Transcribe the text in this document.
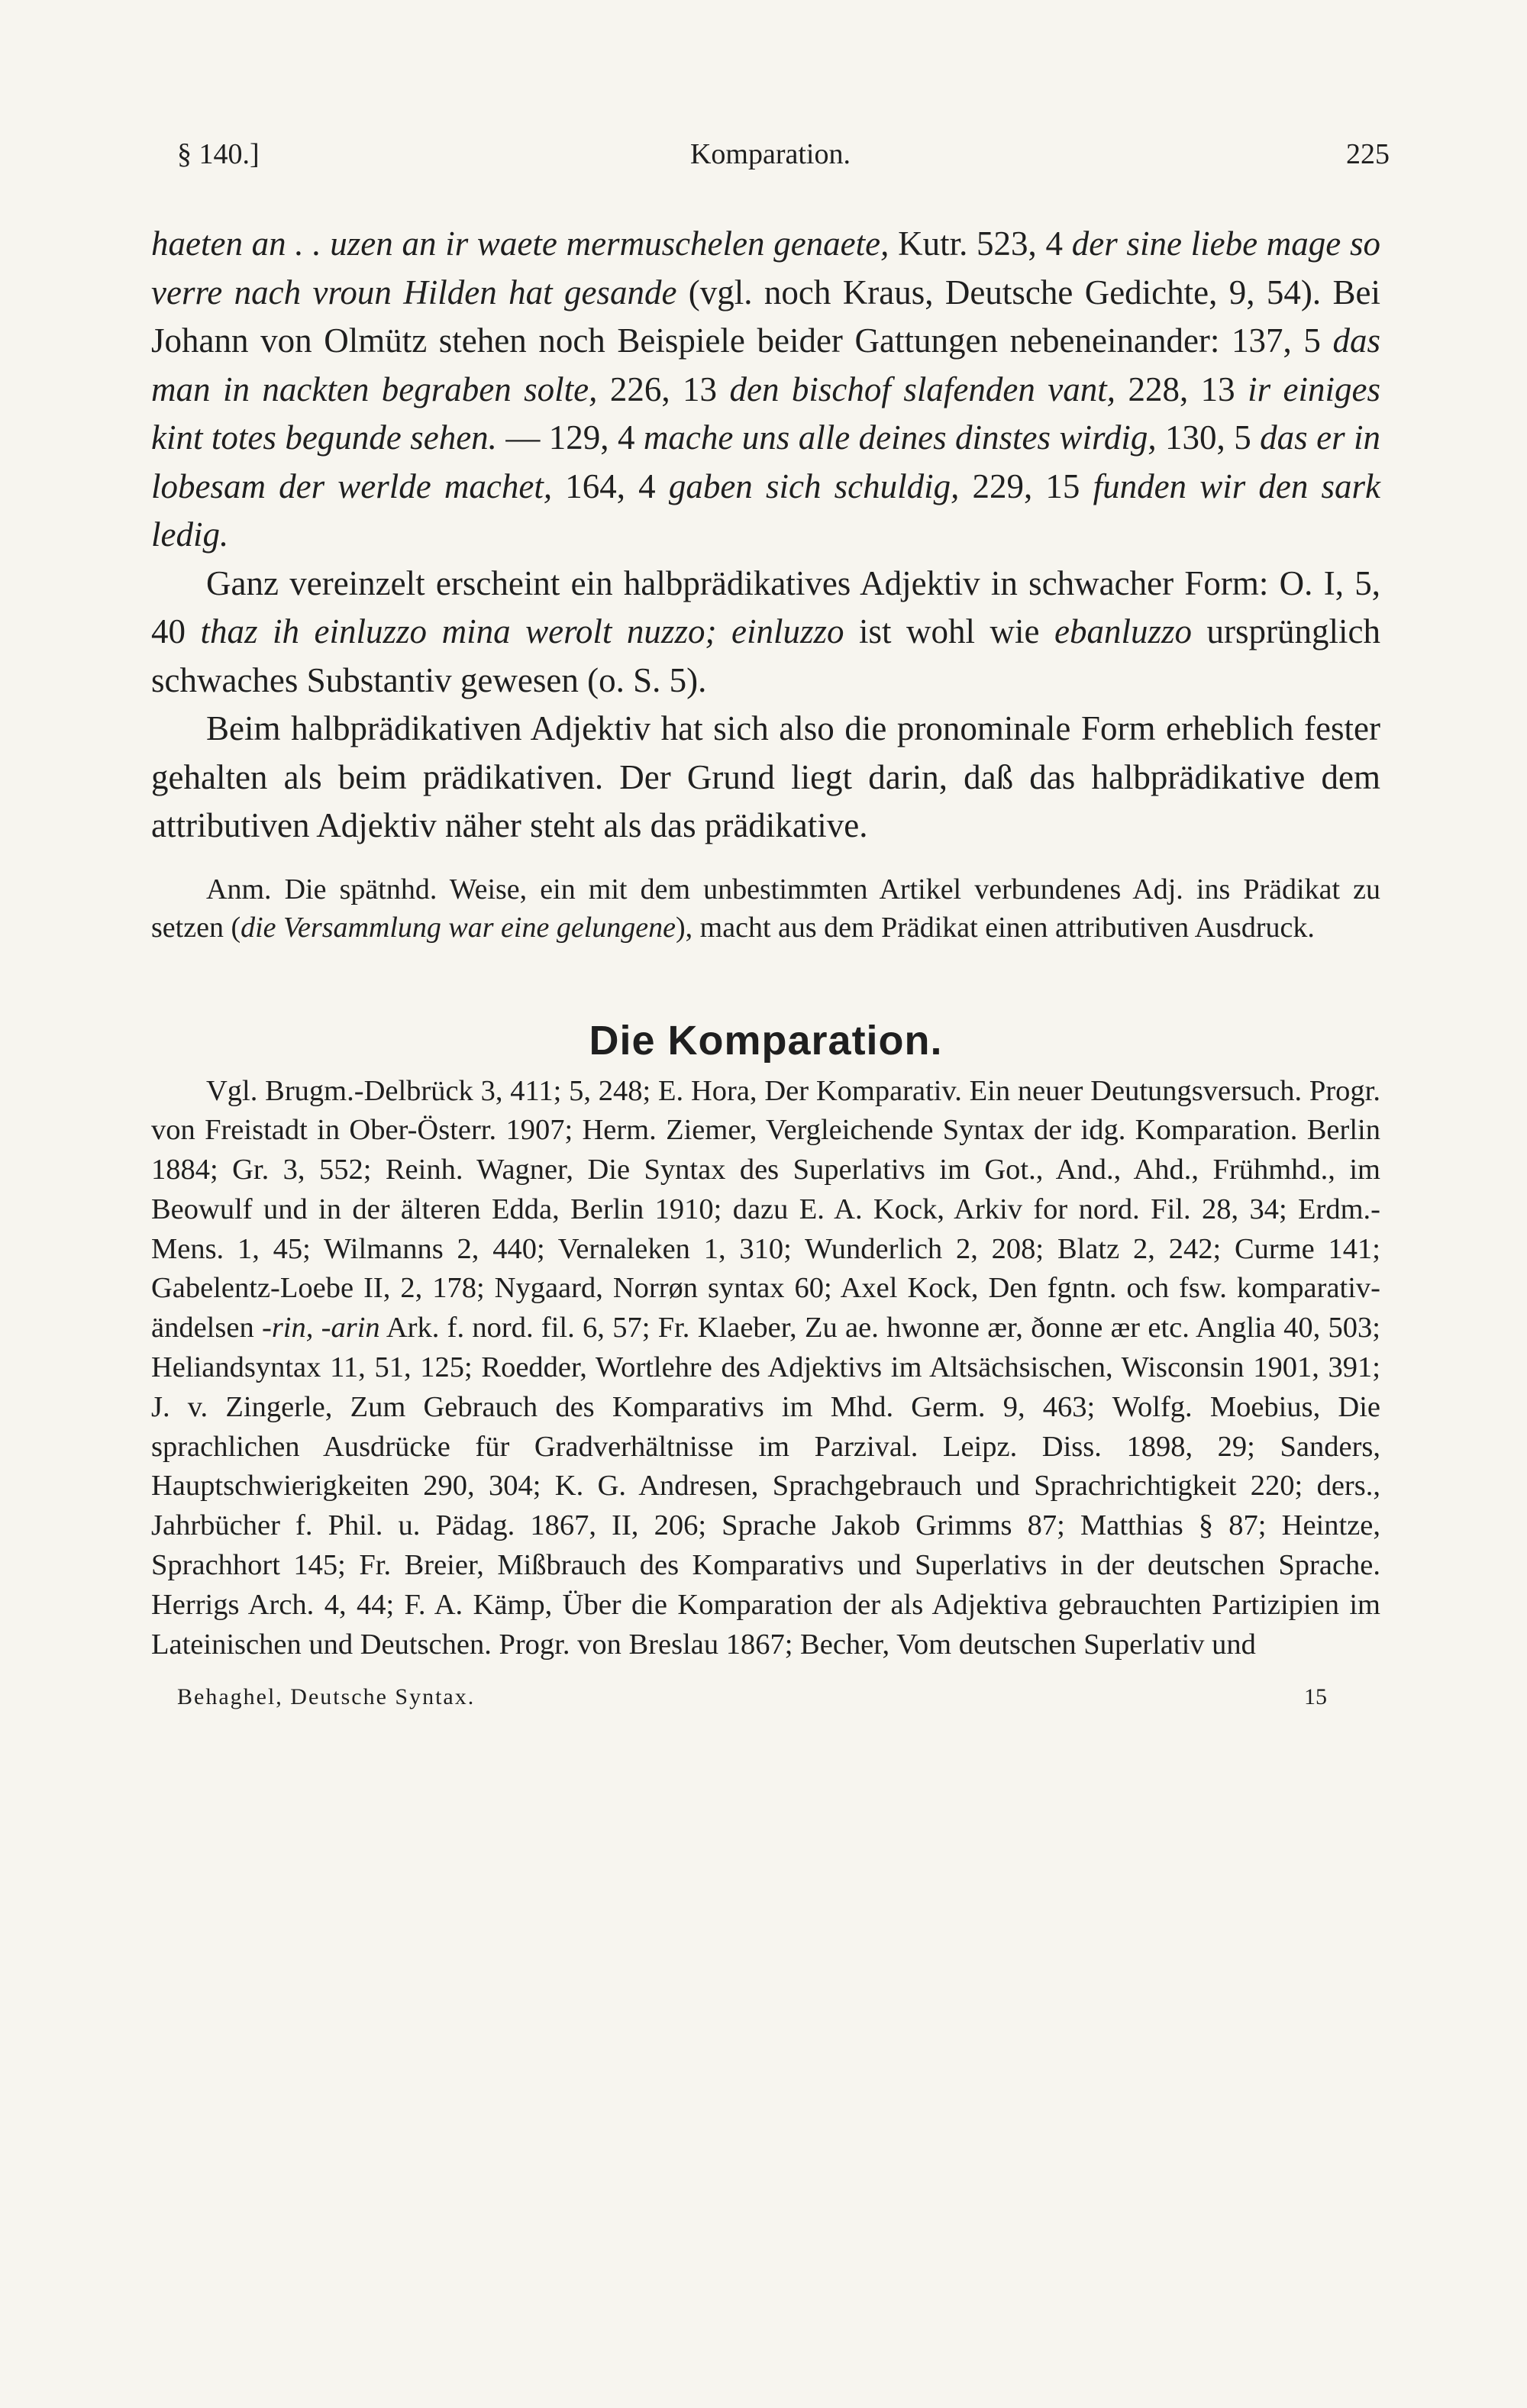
§ 140.]	Komparation.	225

haeten an . . uzen an ir waete mermuschelen genaete, Kutr. 523, 4 der sine liebe mage so verre nach vroun Hilden hat gesande (vgl. noch Kraus, Deutsche Gedichte, 9, 54). Bei Johann von Olmütz stehen noch Beispiele beider Gattungen nebeneinander: 137, 5 das man in nackten begraben solte, 226, 13 den bischof slafenden vant, 228, 13 ir einiges kint totes begunde sehen. — 129, 4 mache uns alle deines dinstes wirdig, 130, 5 das er in lobesam der werlde machet, 164, 4 gaben sich schuldig, 229, 15 funden wir den sark ledig.

Ganz vereinzelt erscheint ein halbprädikatives Adjektiv in schwacher Form: O. I, 5, 40 thaz ih einluzzo mina werolt nuzzo; einluzzo ist wohl wie ebanluzzo ursprünglich schwaches Substantiv gewesen (o. S. 5).

Beim halbprädikativen Adjektiv hat sich also die pronominale Form erheblich fester gehalten als beim prädikativen. Der Grund liegt darin, daß das halbprädikative dem attributiven Adjektiv näher steht als das prädikative.

Anm. Die spätnhd. Weise, ein mit dem unbestimmten Artikel verbundenes Adj. ins Prädikat zu setzen (die Versammlung war eine gelungene), macht aus dem Prädikat einen attributiven Ausdruck.
Die Komparation.
Vgl. Brugm.-Delbrück 3, 411; 5, 248; E. Hora, Der Komparativ. Ein neuer Deutungsversuch. Progr. von Freistadt in Ober-Österr. 1907; Herm. Ziemer, Vergleichende Syntax der idg. Komparation. Berlin 1884; Gr. 3, 552; Reinh. Wagner, Die Syntax des Superlativs im Got., And., Ahd., Frühmhd., im Beowulf und in der älteren Edda, Berlin 1910; dazu E. A. Kock, Arkiv for nord. Fil. 28, 34; Erdm.-Mens. 1, 45; Wilmanns 2, 440; Vernaleken 1, 310; Wunderlich 2, 208; Blatz 2, 242; Curme 141; Gabelentz-Loebe II, 2, 178; Nygaard, Norrøn syntax 60; Axel Kock, Den fgntn. och fsw. komparativ-ändelsen -rin, -arin Ark. f. nord. fil. 6, 57; Fr. Klaeber, Zu ae. hwonne ær, ðonne ær etc. Anglia 40, 503; Heliandsyntax 11, 51, 125; Roedder, Wortlehre des Adjektivs im Altsächsischen, Wisconsin 1901, 391; J. v. Zingerle, Zum Gebrauch des Komparativs im Mhd. Germ. 9, 463; Wolfg. Moebius, Die sprachlichen Ausdrücke für Gradverhältnisse im Parzival. Leipz. Diss. 1898, 29; Sanders, Hauptschwierigkeiten 290, 304; K. G. Andresen, Sprachgebrauch und Sprachrichtigkeit 220; ders., Jahrbücher f. Phil. u. Pädag. 1867, II, 206; Sprache Jakob Grimms 87; Matthias § 87; Heintze, Sprachhort 145; Fr. Breier, Mißbrauch des Komparativs und Superlativs in der deutschen Sprache. Herrigs Arch. 4, 44; F. A. Kämp, Über die Komparation der als Adjektiva gebrauchten Partizipien im Lateinischen und Deutschen. Progr. von Breslau 1867; Becher, Vom deutschen Superlativ und
Behaghel, Deutsche Syntax.	15
